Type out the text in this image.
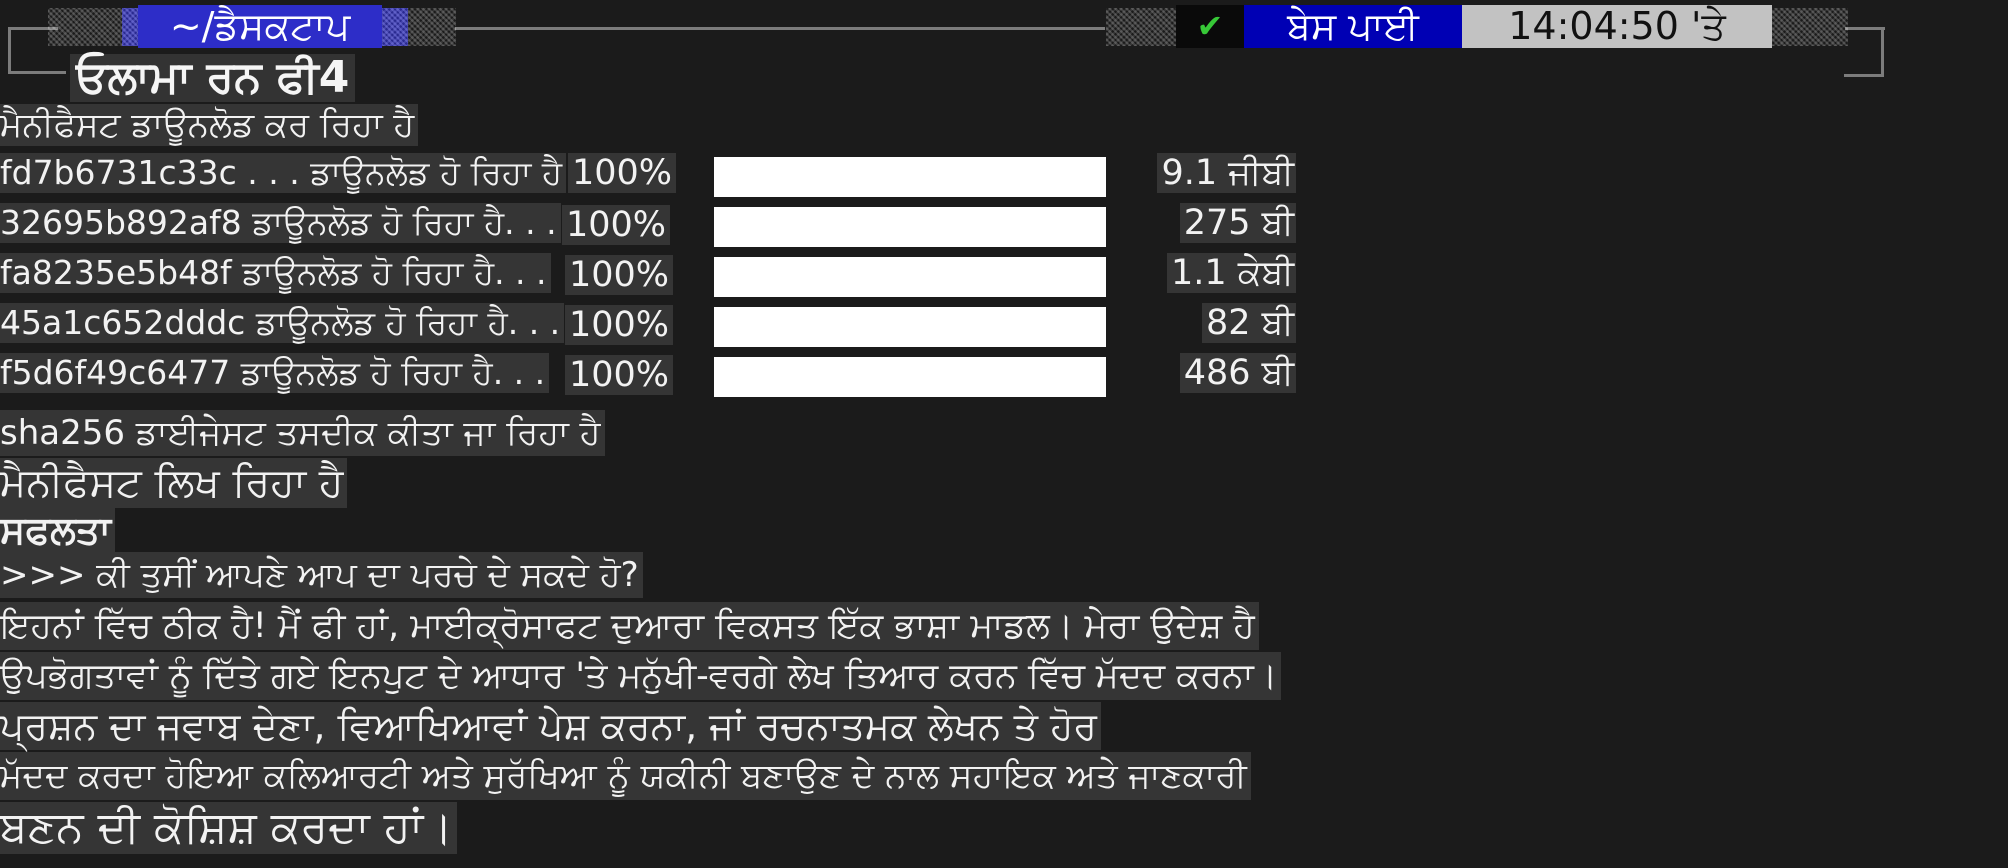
~/ਡੈਸਕਟਾਪ	✔	ਬੇਸ ਪਾਈ	14:04:50 'ਤੇ
ਓਲਾਮਾ ਰਨ ਫੀ4
ਮੈਨੀਫੈਸਟ ਡਾਊਨਲੋਡ ਕਰ ਰਿਹਾ ਹੈ
fd7b6731c33c . . . ਡਾਊਨਲੋਡ ਹੋ ਰਿਹਾ ਹੈ 100%	9.1 ਜੀਬੀ
32695b892af8 ਡਾਊਨਲੋਡ ਹੋ ਰਿਹਾ ਹੈ. . . 100%	275 ਬੀ
fa8235e5b48f ਡਾਊਨਲੋਡ ਹੋ ਰਿਹਾ ਹੈ. . . 100%	1.1 ਕੇਬੀ
45a1c652dddc ਡਾਊਨਲੋਡ ਹੋ ਰਿਹਾ ਹੈ. . . 100%	82 ਬੀ
f5d6f49c6477 ਡਾਊਨਲੋਡ ਹੋ ਰਿਹਾ ਹੈ. . . 100%	486 ਬੀ
sha256 ਡਾਈਜੇਸਟ ਤਸਦੀਕ ਕੀਤਾ ਜਾ ਰਿਹਾ ਹੈ
ਮੈਨੀਫੈਸਟ ਲਿਖ ਰਿਹਾ ਹੈ
ਸਫਲਤਾ
>>> ਕੀ ਤੁਸੀਂ ਆਪਣੇ ਆਪ ਦਾ ਪਰਚੇ ਦੇ ਸਕਦੇ ਹੋ?
ਇਹਨਾਂ ਵਿੱਚ ਠੀਕ ਹੈ! ਮੈਂ ਫੀ ਹਾਂ, ਮਾਈਕ੍ਰੋਸਾਫਟ ਦੁਆਰਾ ਵਿਕਸਤ ਇੱਕ ਭਾਸ਼ਾ ਮਾਡਲ। ਮੇਰਾ ਉਦੇਸ਼ ਹੈ
ਉਪਭੋਗਤਾਵਾਂ ਨੂੰ ਦਿੱਤੇ ਗਏ ਇਨਪੁਟ ਦੇ ਆਧਾਰ 'ਤੇ ਮਨੁੱਖੀ-ਵਰਗੇ ਲੇਖ ਤਿਆਰ ਕਰਨ ਵਿੱਚ ਮੱਦਦ ਕਰਨਾ।
ਪ੍ਰਸ਼ਨ ਦਾ ਜਵਾਬ ਦੇਣਾ, ਵਿਆਖਿਆਵਾਂ ਪੇਸ਼ ਕਰਨਾ, ਜਾਂ ਰਚਨਾਤਮਕ ਲੇਖਨ ਤੇ ਹੋਰ
ਮੱਦਦ ਕਰਦਾ ਹੋਇਆ ਕਲਿਆਰਟੀ ਅਤੇ ਸੁਰੱਖਿਆ ਨੂੰ ਯਕੀਨੀ ਬਣਾਉਣ ਦੇ ਨਾਲ ਸਹਾਇਕ ਅਤੇ ਜਾਣਕਾਰੀ
ਬਣਨ ਦੀ ਕੋਸ਼ਿਸ਼ ਕਰਦਾ ਹਾਂ।
